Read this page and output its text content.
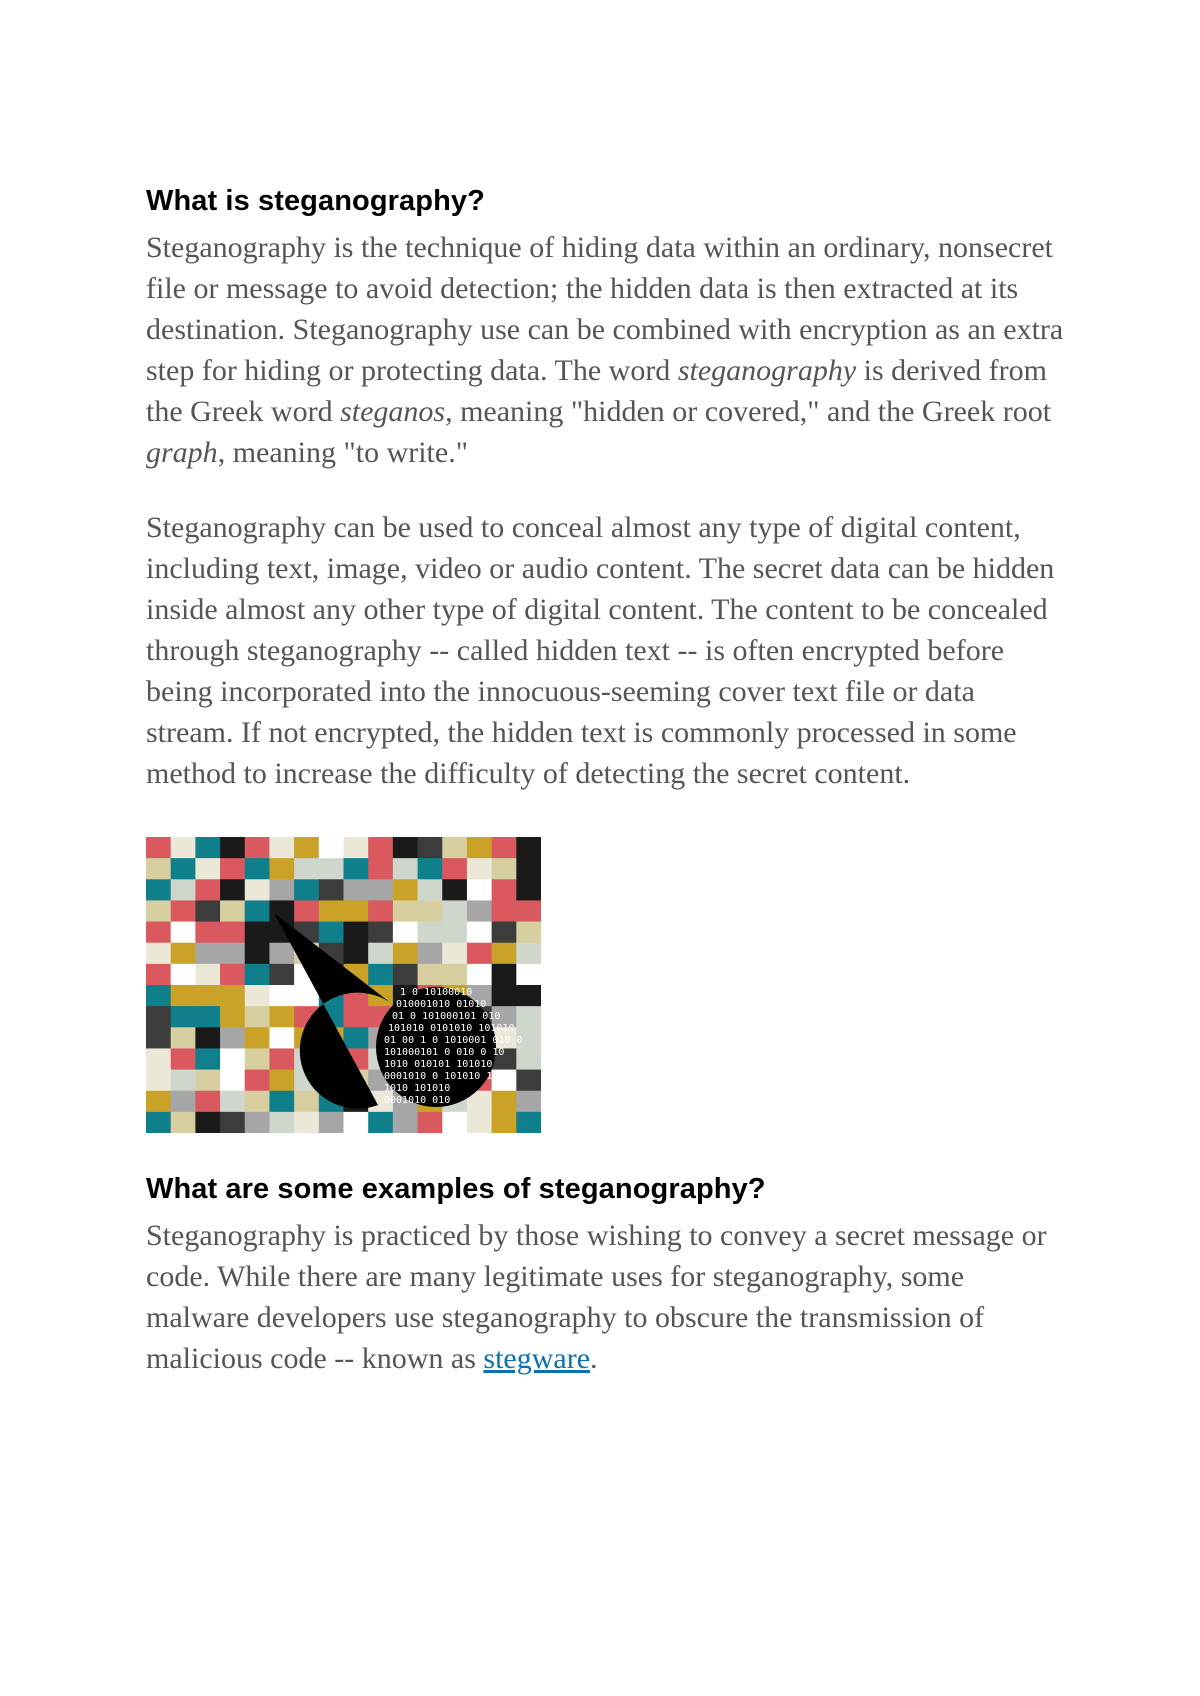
What is steganography?

Steganography is the technique of hiding data within an ordinary, nonsecret file or message to avoid detection; the hidden data is then extracted at its destination. Steganography use can be combined with encryption as an extra step for hiding or protecting data. The word steganography is derived from the Greek word steganos, meaning "hidden or covered," and the Greek root graph, meaning "to write."

Steganography can be used to conceal almost any type of digital content, including text, image, video or audio content. The secret data can be hidden inside almost any other type of digital content. The content to be concealed through steganography -- called hidden text -- is often encrypted before being incorporated into the innocuous-seeming cover text file or data stream. If not encrypted, the hidden text is commonly processed in some method to increase the difficulty of detecting the secret content.

1 0 10100010
010001010 01010
01 0 101000101 010
101010 0101010 101010
01 00 1 0 1010001 010 0
101000101 0 010 0 10
1010 010101 101010
0001010 0 101010 101
1010 101010
0001010 010
What are some examples of steganography?

Steganography is practiced by those wishing to convey a secret message or code. While there are many legitimate uses for steganography, some malware developers use steganography to obscure the transmission of malicious code -- known as stegware.
